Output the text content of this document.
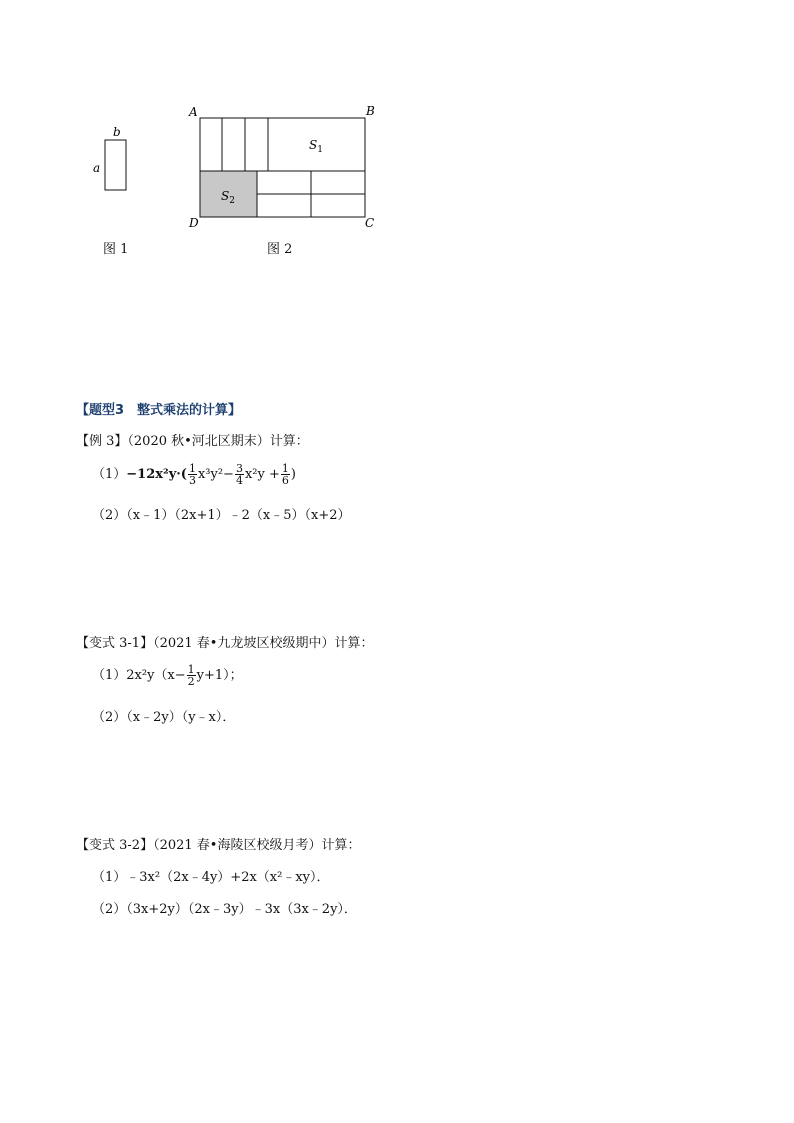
b
a
图 1
A	B
D	C
$S_1$
$S_2$
图 2
【题型3　整式乘法的计算】
【例 3】（2020 秋•河北区期末）计算：
$(1)-12x^2y\cdot( \frac{1}{3} x^3y^2- \frac{3}{4} x^2y + \frac{1}{6}$ )
（2）（x﹣1）（2x+1）﹣2（x﹣5）（x+2）
【变式 3-1】（2021 春•九龙坡区校级期中）计算：
$(1)2x^2y(x- \frac{1}{2} y+1)$；
（2）（x﹣2y）（y﹣x）．
【变式 3-2】（2021 春•海陵区校级月考）计算：
（1）﹣3x²（2x﹣4y）+2x（x²﹣xy）．
（2）（3x+2y）（2x﹣3y）﹣3x（3x﹣2y）．
